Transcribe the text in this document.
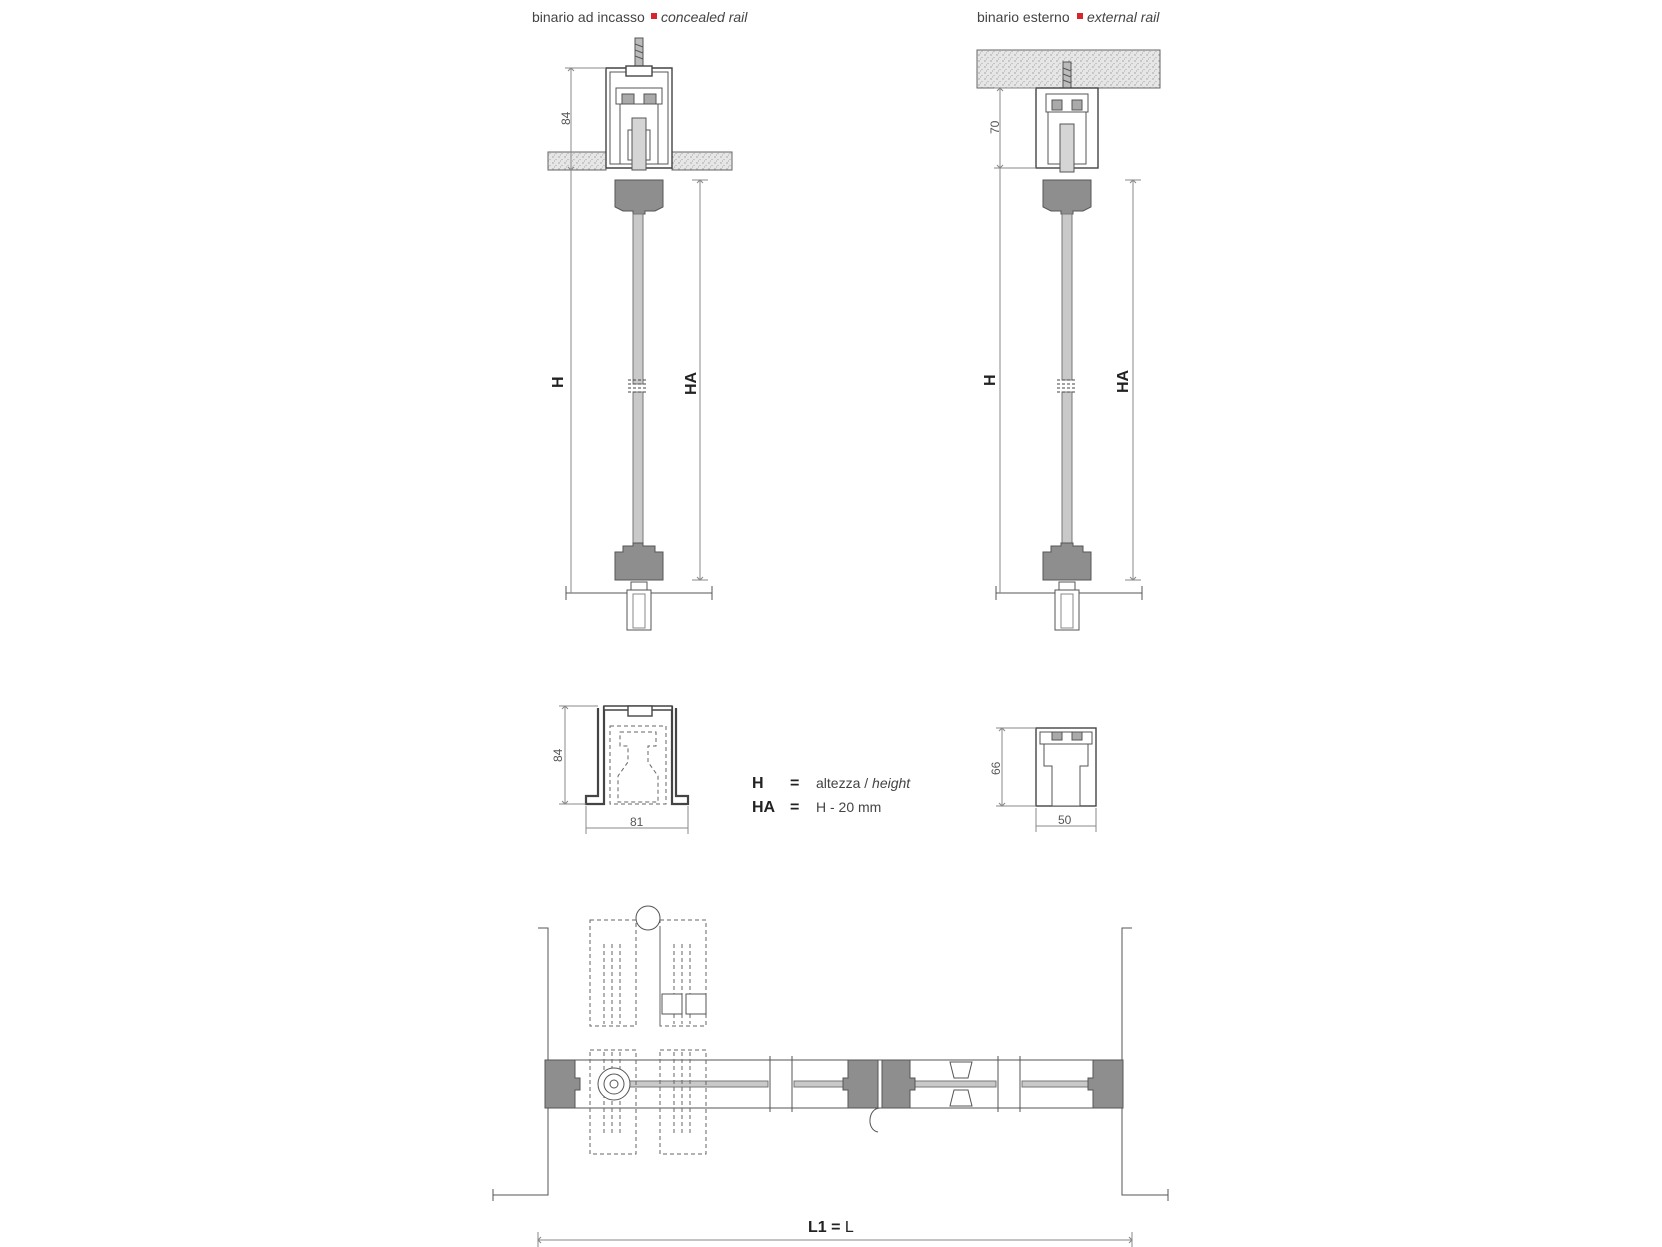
binario ad incasso concealed rail	binario esterno external rail
84
H	HA
70
H	HA
84
81
H = altezza / height
HA = H - 20 mm
66
50
L1 = L
